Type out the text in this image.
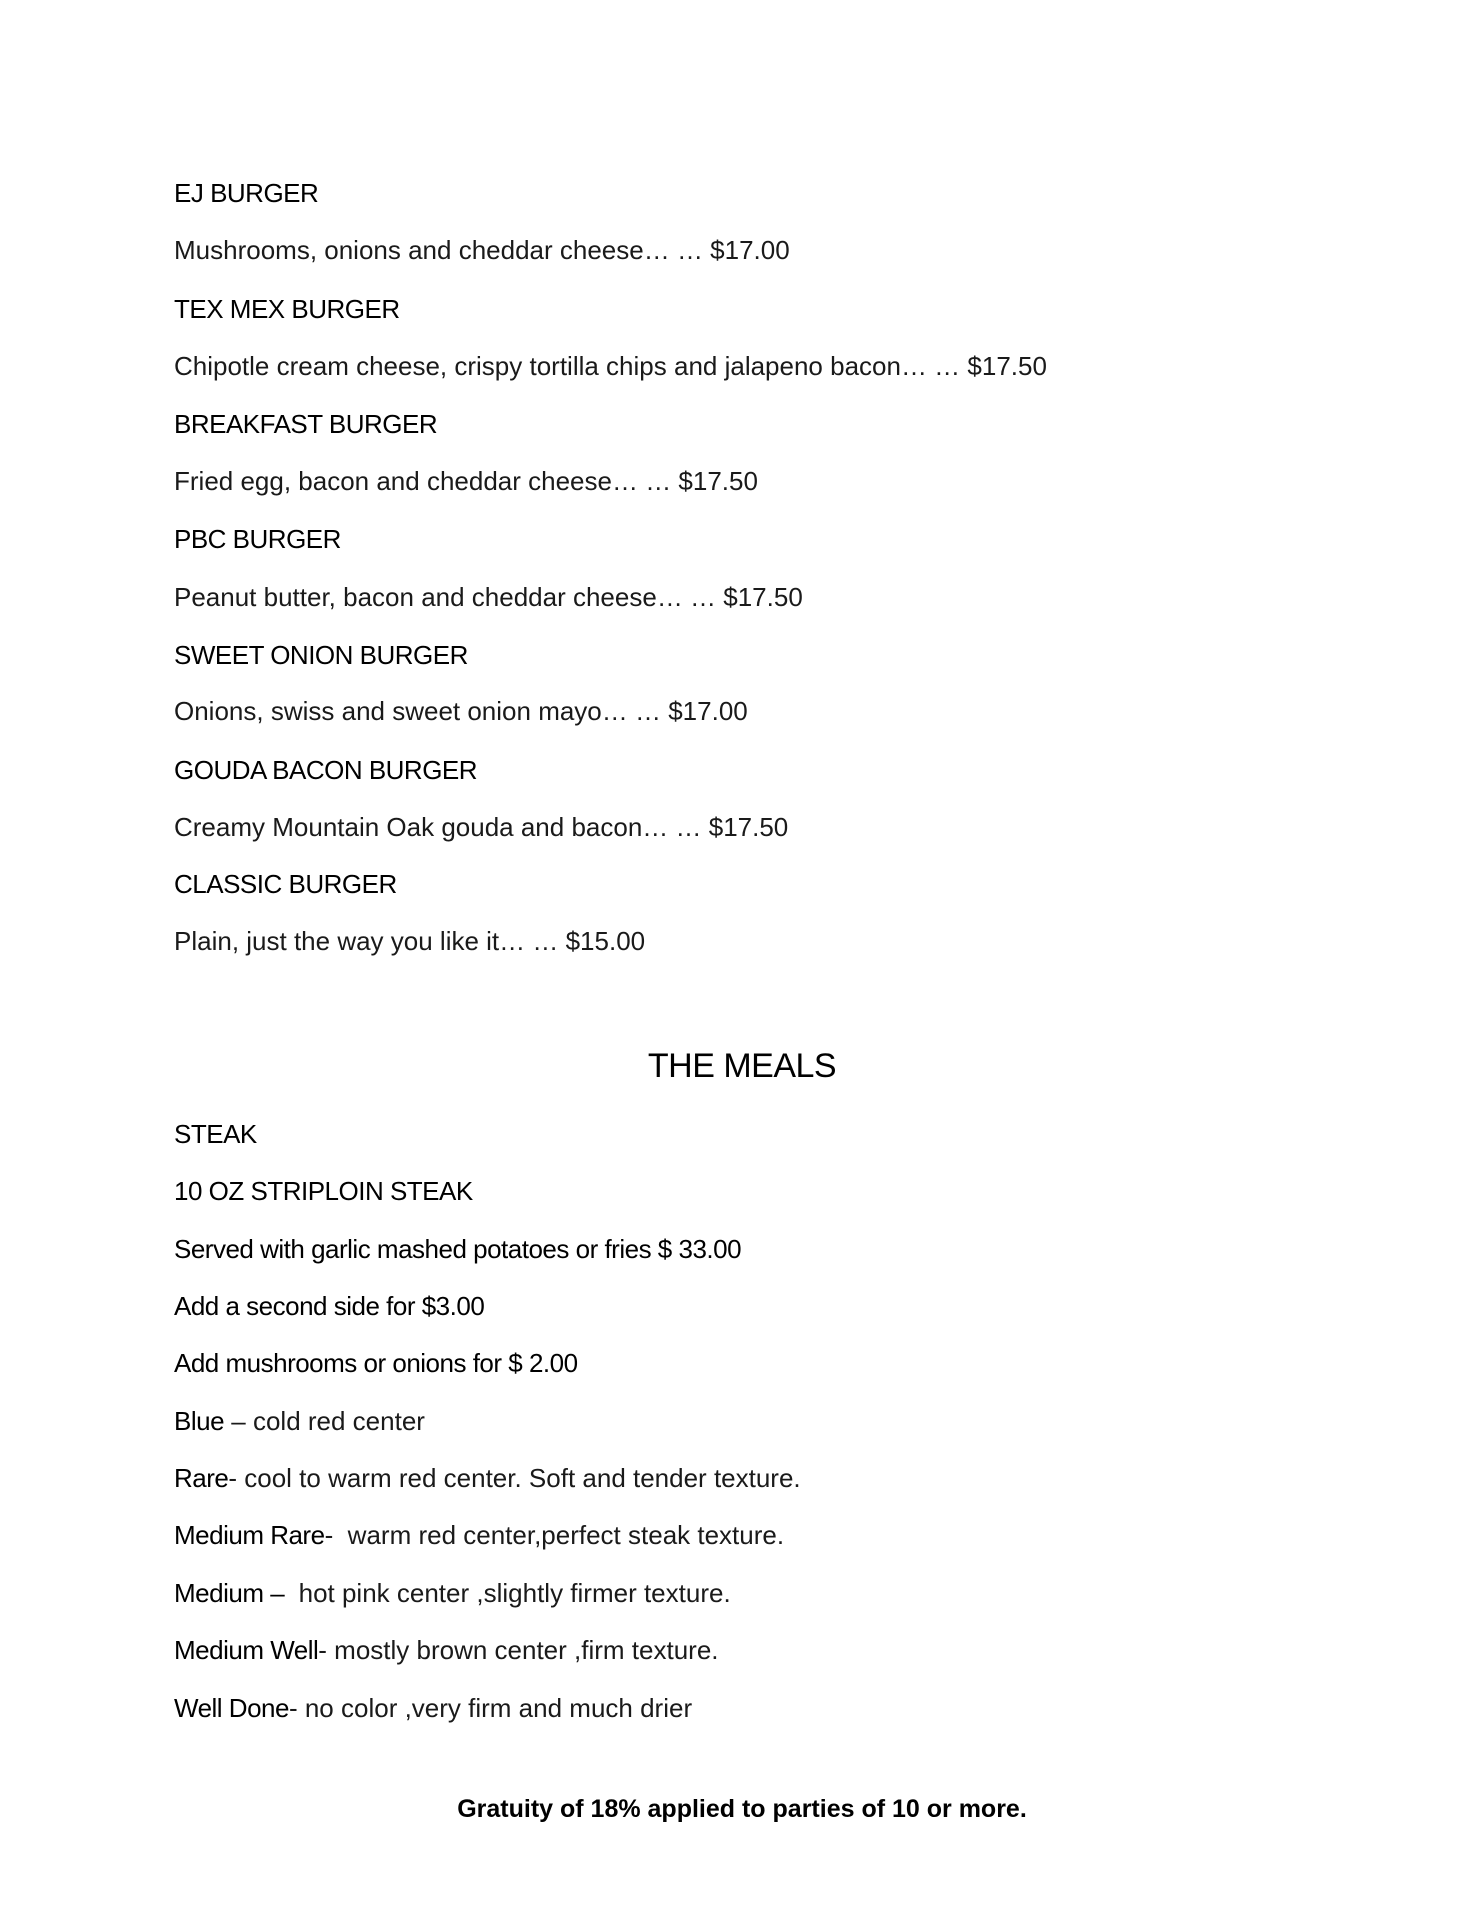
EJ BURGER
Mushrooms, onions and cheddar cheese… … $17.00
TEX MEX BURGER
Chipotle cream cheese, crispy tortilla chips and jalapeno bacon… … $17.50
BREAKFAST BURGER
Fried egg, bacon and cheddar cheese… … $17.50
PBC BURGER
Peanut butter, bacon and cheddar cheese… … $17.50
SWEET ONION BURGER
Onions, swiss and sweet onion mayo… … $17.00
GOUDA BACON BURGER
Creamy Mountain Oak gouda and bacon… … $17.50
CLASSIC BURGER
Plain, just the way you like it… … $15.00
THE MEALS
STEAK
10 OZ STRIPLOIN STEAK
Served with garlic mashed potatoes or fries $ 33.00
Add a second side for $3.00
Add mushrooms or onions for $ 2.00
Blue – cold red center
Rare- cool to warm red center. Soft and tender texture.
Medium Rare-  warm red center,perfect steak texture.
Medium –  hot pink center ,slightly firmer texture.
Medium Well- mostly brown center ,firm texture.
Well Done- no color ,very firm and much drier
Gratuity of 18% applied to parties of 10 or more.
